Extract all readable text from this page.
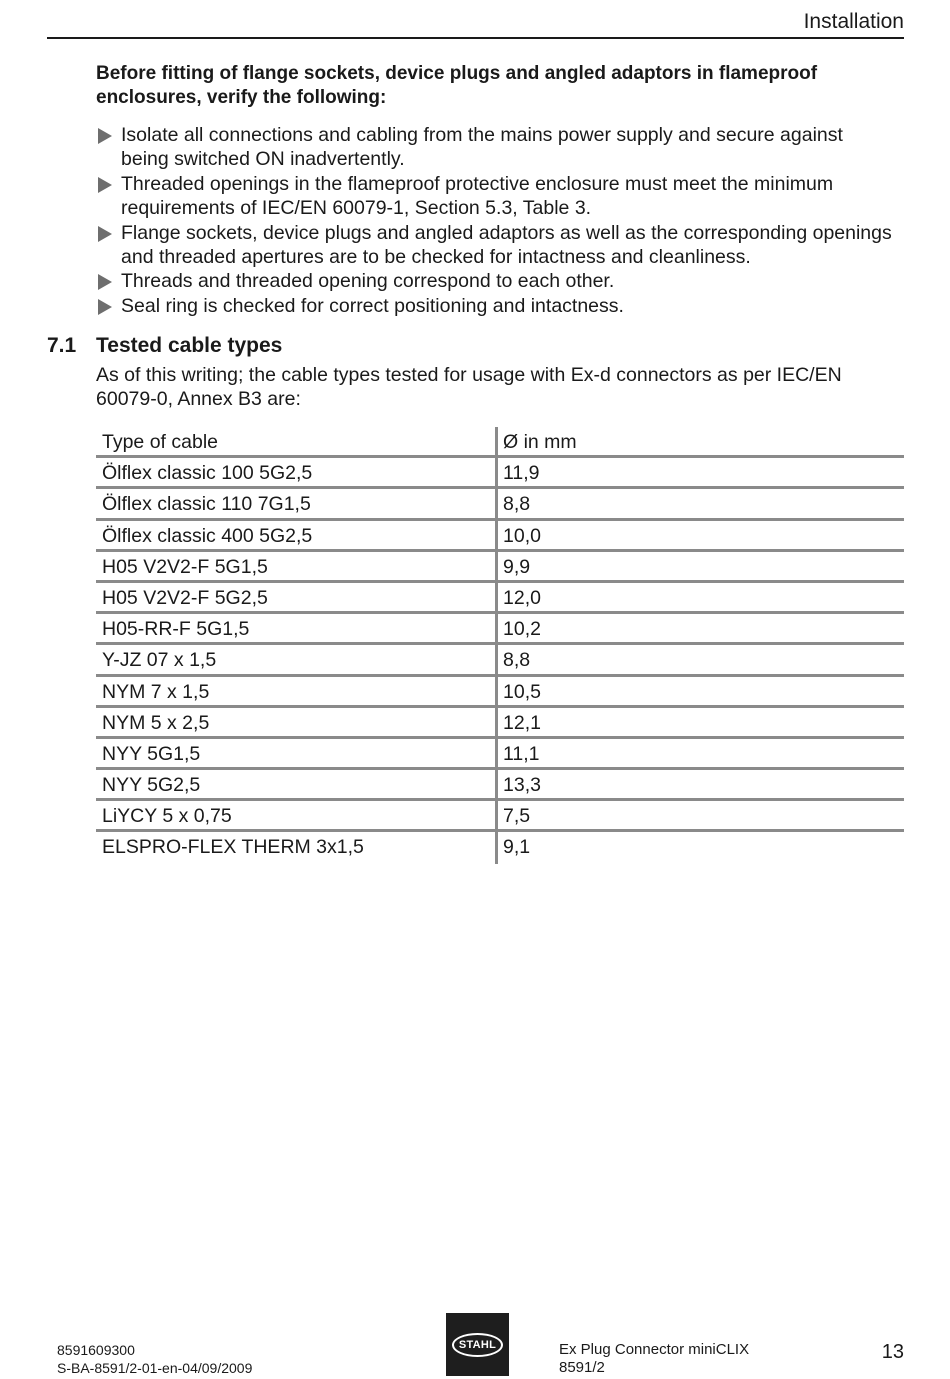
Installation
Before fitting of flange sockets, device plugs and angled adaptors in flameproof enclosures, verify the following:
Isolate all connections and cabling from the mains power supply and secure against being switched ON inadvertently.
Threaded openings in the flameproof protective enclosure must meet the minimum requirements of IEC/EN 60079-1, Section 5.3, Table 3.
Flange sockets, device plugs and angled adaptors as well as the corresponding openings and threaded apertures are to be checked for intactness and cleanliness.
Threads and threaded opening correspond to each other.
Seal ring is checked for correct positioning and intactness.
7.1 Tested cable types
As of this writing; the cable types tested for usage with Ex-d connectors as per IEC/EN 60079-0, Annex B3 are:
Type of cable	Ø in mm
Ölflex classic 100 5G2,5	11,9
Ölflex classic 110 7G1,5	8,8
Ölflex classic 400 5G2,5	10,0
H05 V2V2-F 5G1,5	9,9
H05 V2V2-F 5G2,5	12,0
H05-RR-F 5G1,5	10,2
Y-JZ 07 x 1,5	8,8
NYM 7 x 1,5	10,5
NYM 5 x 2,5	12,1
NYY 5G1,5	11,1
NYY 5G2,5	13,3
LiYCY 5 x 0,75	7,5
ELSPRO-FLEX THERM 3x1,5	9,1
8591609300
S-BA-8591/2-01-en-04/09/2009
STAHL	Ex Plug Connector miniCLIX
8591/2
13
